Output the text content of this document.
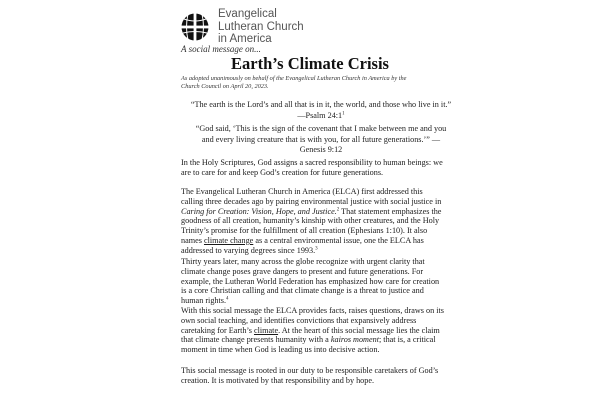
Evangelical
Lutheran Church
in America
A social message on...
Earth’s Climate Crisis
As adopted unanimously on behalf of the Evangelical Lutheran Church in America by the Church Council on April 20, 2023.
“The earth is the Lord’s and all that is in it, the world, and those who live in it.” —Psalm $24:1^1$
“God said, ‘This is the sign of the covenant that I make between me and you and every living creature that is with you, for all future generations.’” —Genesis 9:12
In the Holy Scriptures, God assigns a sacred responsibility to human beings: we are to care for and keep God’s creation for future generations.
The Evangelical Lutheran Church in America (ELCA) first addressed this calling three decades ago by pairing environmental justice with social justice in Caring for Creation: Vision, Hope, and Justice.$^2$ That statement emphasizes the goodness of all creation, humanity’s kinship with other creatures, and the Holy Trinity’s promise for the fulfillment of all creation (Ephesians 1:10). It also names climate change as a central environmental issue, one the ELCA has addressed to varying degrees since 1993.$^3$
Thirty years later, many across the globe recognize with urgent clarity that climate change poses grave dangers to present and future generations. For example, the Lutheran World Federation has emphasized how care for creation is a core Christian calling and that climate change is a threat to justice and human rights.$^4$
With this social message the ELCA provides facts, raises questions, draws on its own social teaching, and identifies convictions that expansively address caretaking for Earth’s climate. At the heart of this social message lies the claim that climate change presents humanity with a kairos moment; that is, a critical moment in time when God is leading us into decisive action.
This social message is rooted in our duty to be responsible caretakers of God’s creation. It is motivated by that responsibility and by hope.
